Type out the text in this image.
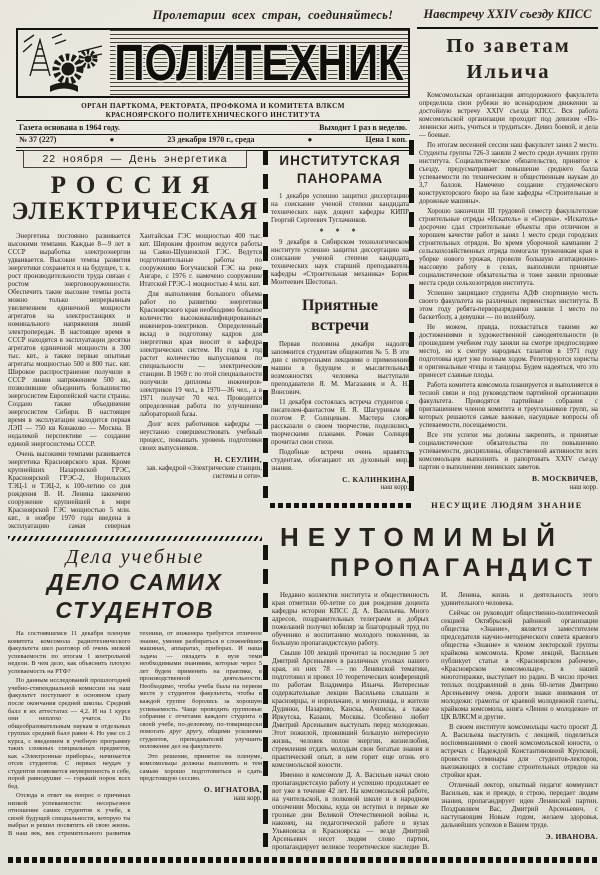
Пролетарии всех стран, соединяйтесь!	Навстречу XXIV съезду КПСС
ПОЛИТЕХНИК
ОРГАН ПАРТКОМА, РЕКТОРАТА, ПРОФКОМА И КОМИТЕТА ВЛКСМ
КРАСНОЯРСКОГО ПОЛИТЕХНИЧЕСКОГО ИНСТИТУТА
Газета основана в 1964 году.	Выходит 1 раз в неделю.
№ 37 (227)	●	23 декабря 1970 г., среда	●	Цена 1 коп.
22 ноября — День энергетика
РОССИЯ
ЭЛЕКТРИЧЕСКАЯ

Энергетика постоянно развивается высокими темпами. Каждые 8—9 лет в СССР выработка электроэнергии удваивается. Высокие темпы развития энергетики сохранятся и на будущее, т. к. рост производительности труда связан с ростом энерговооруженности. Обеспечить такие высокие темпы роста можно только непрерывным увеличением единичной мощности агрегатов на электростанциях и номинального напряжения линий электропередач. В настоящее время в СССР находятся в эксплуатации десятки агрегатов единичной мощности в 300 тыс. квт., а также первые опытные агрегаты мощностью 500 и 800 тыс. квт. Широкое распространение получили в СССР линии напряжением 500 кв., позволившие объединить большинство энергосистем Европейской части страны. Создано также объединение энергосистем Сибири. В настоящее время в эксплуатации находится первая ЛЭП — 750 кв Конаково — Москва. В недалекой перспективе — создание единой энергосистемы СССР.

Очень высокими темпами развивается энергетика Красноярского края. Кроме крупнейших Назаровской ГРЭС, Красноярской ГРЭС-2, Норильских ТЭЦ-1 и ТЭЦ-2, к 100-летию со дня рождения В. И. Ленина закончено сооружение крупнейшей в мире Красноярской ГЭС мощностью 5 млн. квт., в ноябре 1970 года введена в эксплуатацию самая северная Хантайская ГЭС мощностью 400 тыс. квт. Широким фронтом ведутся работы на Саяно-Шушенской ГЭС. Ведутся подготовительные работы по сооружению Богучанской ГЭС на реке Ангаре, с 1976 г. намечено сооружение Итатской ГРЭС-1 мощностью 4 млн. квт.

Для выполнения большого объема работ по развитию энергетики Красноярского края необходимо большое количество высококвалифицированных инженеров-электриков. Определенный вклад в подготовку кадров для энергетики края вносит и кафедра электрических систем. Из года в год растет количество выпускников по специальности — электрические станции. В 1969 г. по этой специальности получили дипломы инженеров-электриков 19 чел., в 1970—36 чел., а в 1971 получат 70 чел. Проводится определенная работа по улучшению лабораторной базы.

Долг всех работников кафедры — неустанно совершенствовать учебный процесс, повышать уровень подготовки своих выпускников.

Н. СЕУЛИН,
зав. кафедрой «Электрические станции, системы и сети».
ИНСТИТУТСКАЯ
ПАНОРАМА

1 декабря успешно защитил диссертацию на соискание ученой степени кандидата технических наук доцент кафедры КИПР Георгий Сергеевич Туглачников.

* * *

9 декабря в Сибирском технологическом институте успешно защитил диссертацию на соискание ученой степени кандидата технических наук старший преподаватель кафедры «Строительная механика» Борис Монтеевич Шестопал.

Приятные
встречи

Первая половина декабря надолго запомнится студентам общежития № 5. В эти дни с интересными лекциями о применении машин в будущем и мыслительных возможностях человека выступали преподаватели Я. М. Магазаник и А. Н. Вонсович.

11 декабря состоялась встреча студентов с писателем-фантастом Н. Я. Шагуриным и поэтом Р. Солнцевым. Мастера слова рассказали о своем творчестве, поделились творческими планами. Роман Солнцев прочитал свои стихи.

Подобные встречи очень нравятся студентам, обогащают их духовный мир, знания.

С. КАЛИНКИНА,
наш корр.
По заветам
Ильича

Комсомольская организация автодорожного факультета определила свои рубежи во всенародном движении за достойную встречу XXIV съезда КПСС. Вся работа комсомольской организации проходит под девизом «По-ленински жить, учиться и трудиться». Девиз боевой, и дела — боевые.

По итогам весенней сессии наш факультет занял 2 место. Студенты группы 726-3 заняли 2 место среди лучших групп института. Социалистическое обязательство, принятое к съезду, предусматривает повышение среднего балла успеваемости по техническим и общественным наукам до 3,7 баллов. Намечено создание студенческого конструкторского бюро на базе кафедры «Строительные и дорожные машины».

Хорошо закончили III трудовой семестр факультетские строительные отряды «Искатель» и «Сирена». «Искатель» досрочно сдал строительные объекты при отличном и хорошем качестве работ и занял 1 место среди городских строительных отрядов. Во время уборочной кампании 2 сельскохозяйственных отряда помогали труженикам края в уборке нового урожая, провели большую агитационно-массовую работу в селах, выполнили принятые социалистические обязательства и тоже заняли призовые места среди сельхозотрядов института.

Успешно защищают студенты АДФ спортивную честь своего факультета на различных первенствах института. В этом году ребята-перворазрядники заняли 1 место по баскетболу, а девушки — по волейболу.

Не можем, правда, похвастаться такими же достижениями в художественной самодеятельности (в прошедшем учебном году заняли на смотре предпоследнее место), но к смотру народных талантов в 1971 году подготовка идет уже полным ходом. Репетируются хористы и оригинальные чтецы и танцоры. Будем надеяться, что это принесет славные плоды.

Работа комитета комсомола планируется и выполняется в тесной связи и под руководством партийной организации факультета. Проводятся партийные собрания с приглашением членов комитета и треугольников групп, на которых решаются самые важные, насущные вопросы об успеваемости, посещаемости.

Все эти успехи мы должны закрепить, и принятые социалистические обязательства по повышению успеваемости, дисциплины, общественной активности всех комсомольцев выполнить и рапортовать XXIV съезду партии о выполнении ленинских заветов.

В. МОСКВИЧЕВ,
наш корр.
НЕСУЩИЕ ЛЮДЯМ ЗНАНИЕ
НЕУТОМИМЫЙ
ПРОПАГАНДИСТ

Недавно коллектив института и общественность края отметили 60-летие со дня рождения доцента кафедры истории КПСС Д. А. Васильева. Много адресов, поздравительных телеграмм и добрых пожеланий получил юбиляр за благородный труд по обучению и воспитанию молодого поколения, за большую пропагандистскую работу.

Свыше 100 лекций прочитал за последние 5 лет Дмитрий Арсеньевич в различных уголках нашего края, из них 78 — по Ленинской тематике, подготовил и провел 10 теоретических конференций по работам Владимира Ильича. Интересные содержательные лекции Васильева слышали и красноярцы, и норильчане, и минусинцы, и жители Дудинки, Назарово, Канска, Ачинска, а также Иркутска, Казани, Москвы. Особенно любит Дмитрий Арсеньевич выступать перед молодежью. Этот пожилой, проживший большую интересную жизнь, человек полон энергии, жизнелюбия, стремления отдать молодым свои богатые знания и практический опыт, в нем горит еще огонь его комсомольской юности.

Именно в комсомоле Д. А. Васильев начал свою пропагандистскую работу и успешно продолжает ее вот уже в течение 42 лет. На комсомольской работе, на учительской, в полковой школе и в народном ополчении Москвы, куда он вступил в первые же грозные дни Великой Отечественной войны и, наконец, на педагогической работе в вузах Ульяновска и Красноярска — везде Дмитрий Арсеньевич несет людям слово партии, пропагандирует великое теоретическое наследие В. И. Ленина, жизнь и деятельность этого удивительного человека.

Сейчас он руководит общественно-политической секцией Октябрьской районной организации общества «Знание», является заместителем председателя научно-методического совета краевого общества «Знание» и членом лекторской группы крайкома комсомола. Кроме лекций, Васильев публикует статьи в «Красноярском рабочем», «Красноярском комсомольце», в нашей многотиражке, выступает по радио. В число прочих теплых поздравлений в день 60-летия Дмитрию Арсеньевичу очень дороги знаки внимания от молодежи: грамоты от краевой молодежной газеты, крайкома комсомола, книга «Ленин о молодежи» от ЦК ВЛКСМ и другие.

В своем институте комсомольцы часто просят Д. А. Васильева выступить с лекцией, поделиться воспоминаниями о своей комсомольской юности, о встречах с Надеждой Константиновной Крупской, провести семинары для студентов-лекторов, выезжающих в составе строительных отрядов на стройки края.

Отличный лектор, опытный педагог коммунист Васильев, как и прежде, в строю, передает людям знания, пропагандирует идеи Ленинской партии. Поздравляем Вас, Дмитрий Арсеньевич, с наступающим Новым годом, желаем здоровья, дальнейших успехов в Вашем труде.

Э. ИВАНОВА.
Дела учебные
ДЕЛО САМИХ
СТУДЕНТОВ

На состоявшемся 11 декабря пленуме комитета комсомола радиотехнического факультета шел разговор об очень низкой успеваемости по итогам I контрольной недели. В чем дело, как объяснить плохую успеваемость на РТФ?

По данным исследований прошлогодней учебно-стипендиальной комиссии на наш факультет поступают в основном сразу после окончания средней школы. Средний балл в их аттестатах — 4,2. И на 1 курсе они неплохо учатся. По общеобразовательным наукам в отдельных группах средний балл равен 4. Но уже со 2 курса, с введением в учебную программу таких сложных специальных предметов, как «Электронные приборы», начинается отсев студентов. С первых неудач у студентов появляется неуверенность в себе, порой равнодушие — горький порок всех бед.

Отсюда и ответ на вопрос о причинах низкой успеваемости: несерьезное отношение самих студентов к учебе, к своей будущей специальности, которую ты выбрал и решил посвятить ей свою жизнь. В наш век, век стремительного развития техники, от инженера требуется отличное знание, умение разбираться в сложнейших машинах, аппаратах, приборах. И наша задача — овладеть в вузе теми необходимыми знаниями, которые через 5 лет будем применять на практике, в производственной деятельности. Необходимо, чтобы учеба была на первом месте у студентов факультета, чтобы в каждой группе боролись за хорошую успеваемость. Чаще проводить групповые собрания с отчетами каждого студента о своей учебе, по-деловому, по-товарищески помогать друг другу, общими усилиями студентов, преподавателей улучшить положение дел на факультете.

Это решение, принятое на пленуме, комсомольцы должны выполнить и тем самым хорошо подготовиться и сдать предстоящую сессию.

О. ИГНАТОВА,
наш корр.
